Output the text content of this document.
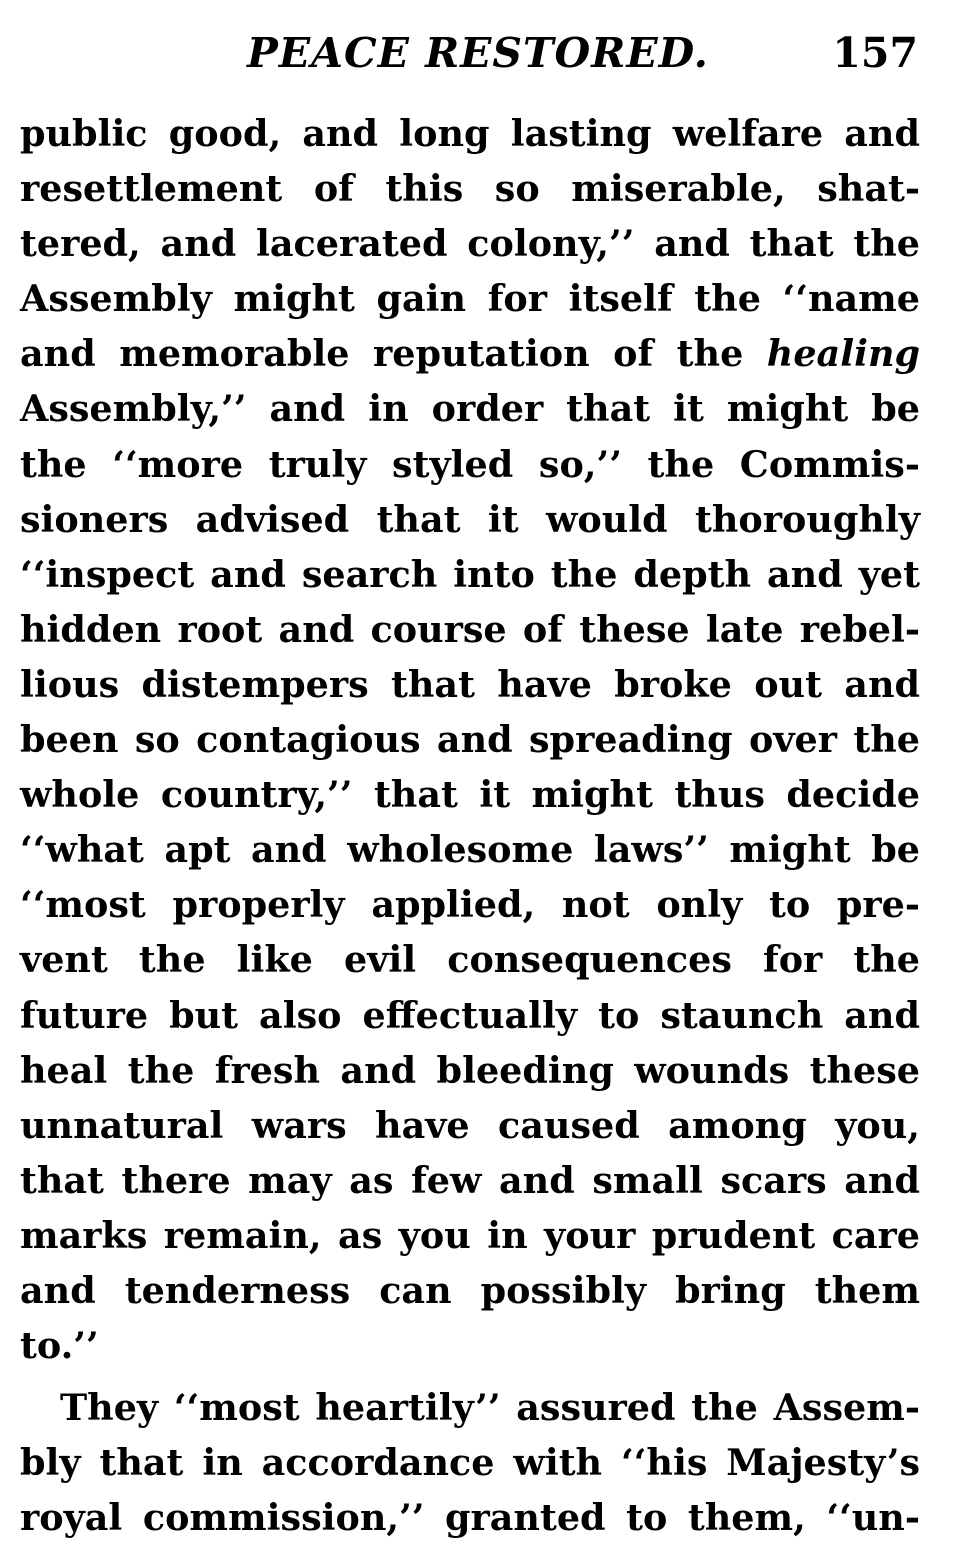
PEACE RESTORED.	157
public good, and long lasting welfare and
resettlement of this so miserable, shat-
tered, and lacerated colony,’’ and that the
Assembly might gain for itself the ‘‘name
and memorable reputation of the healing
Assembly,’’ and in order that it might be
the ‘‘more truly styled so,’’ the Commis-
sioners advised that it would thoroughly
‘‘inspect and search into the depth and yet
hidden root and course of these late rebel-
lious distempers that have broke out and
been so contagious and spreading over the
whole country,’’ that it might thus decide
‘‘what apt and wholesome laws’’ might be
‘‘most properly applied, not only to pre-
vent the like evil consequences for the
future but also effectually to staunch and
heal the fresh and bleeding wounds these
unnatural wars have caused among you,
that there may as few and small scars and
marks remain, as you in your prudent care
and tenderness can possibly bring them
to.’’
They ‘‘most heartily’’ assured the Assem-
bly that in accordance with ‘‘his Majesty’s
royal commission,’’ granted to them, ‘‘un-
